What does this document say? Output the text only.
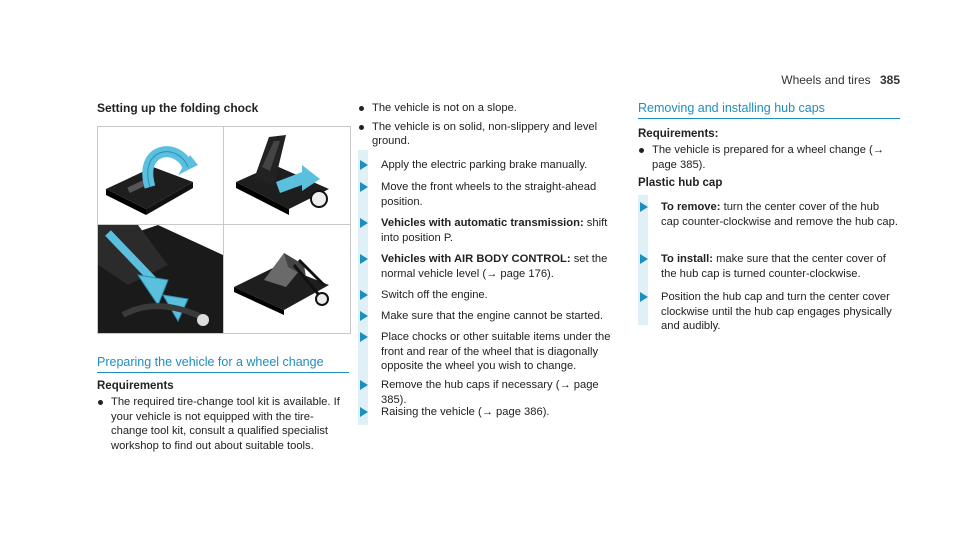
Wheels and tires 385
Setting up the folding chock
Preparing the vehicle for a wheel change
Requirements
The required tire-change tool kit is available. If your vehicle is not equipped with the tire-change tool kit, consult a qualified specialist workshop to find out about suitable tools.
The vehicle is not on a slope.
The vehicle is on solid, non-slippery and level ground.
Apply the electric parking brake manually.
Move the front wheels to the straight-ahead position.
Vehicles with automatic transmission: shift into position P.
Vehicles with AIR BODY CONTROL: set the normal vehicle level (→ page 176).
Switch off the engine.
Make sure that the engine cannot be started.
Place chocks or other suitable items under the front and rear of the wheel that is diagonally opposite the wheel you wish to change.
Removing and installing hub caps
Requirements:
The vehicle is prepared for a wheel change (→ page 385).
Plastic hub cap
To remove: turn the center cover of the hub cap counter-clockwise and remove the hub cap.
To install: make sure that the center cover of the hub cap is turned counter-clockwise.
Position the hub cap and turn the center cover clockwise until the hub cap engages physically and audibly.
Remove the hub caps if necessary (→ page 385).
Raising the vehicle (→ page 386).
